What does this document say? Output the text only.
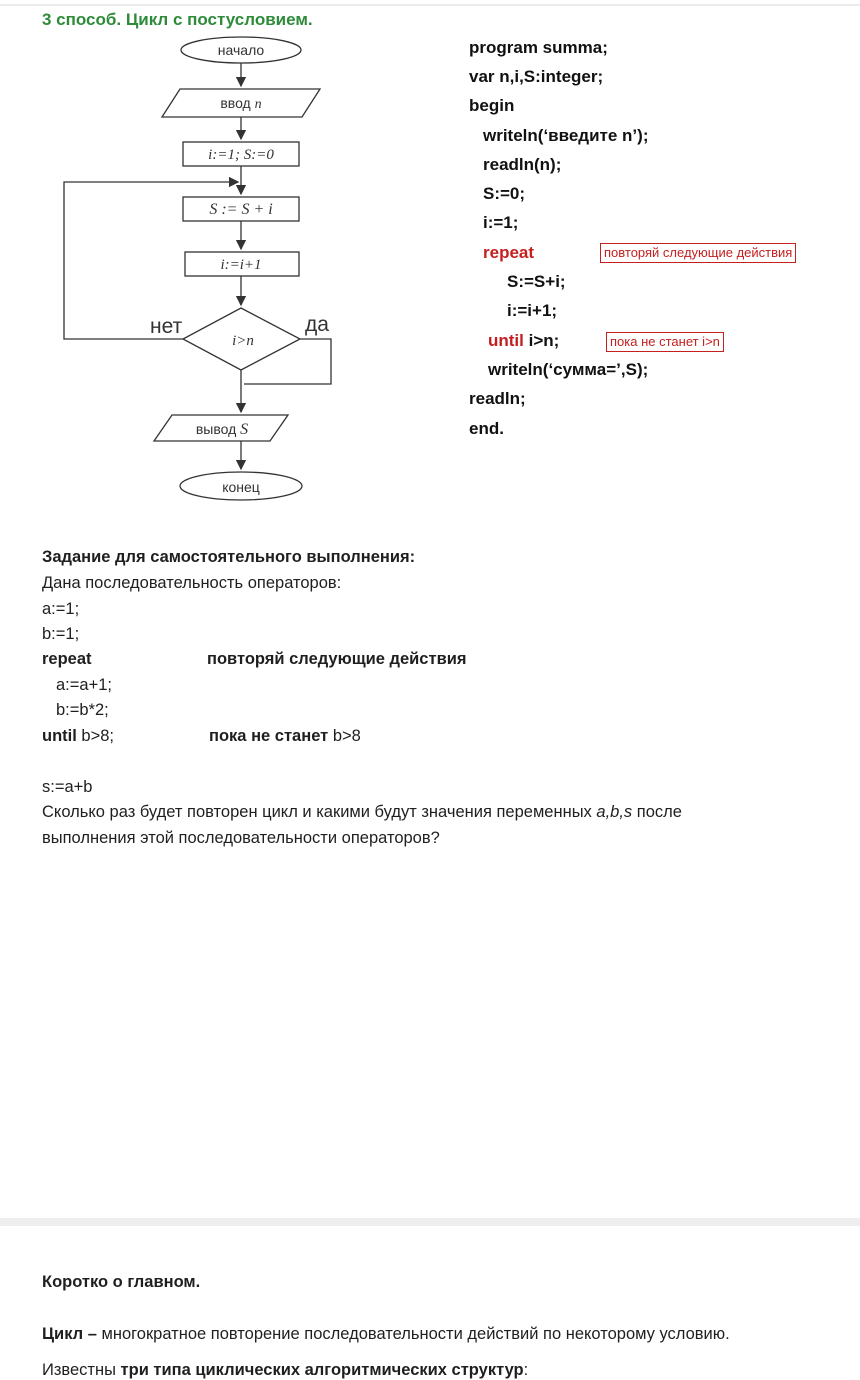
3 способ. Цикл с постусловием.
начало
ввод n
i:=1; S:=0
S := S + i
i:=i+1
i>n
нет	да
вывод S
конец
program summa;
var n,i,S:integer;
begin
writeln(‘введите n’);
readln(n);
S:=0;
i:=1;
repeat	повторяй следующие действия
S:=S+i;
i:=i+1;
until i>n;	пока не станет i>n
writeln(‘сумма=’,S);
readln;
end.
Задание для самостоятельного выполнения:
Дана последовательность операторов:
a:=1;
b:=1;
repeat	повторяй следующие действия
a:=a+1;
b:=b*2;
until b>8;	пока не станет b>8
s:=a+b
Сколько раз будет повторен цикл и какими будут значения переменных a,b,s после
выполнения этой последовательности операторов?
Коротко о главном.
Цикл – многократное повторение последовательности действий по некоторому условию.
Известны три типа циклических алгоритмических структур:
